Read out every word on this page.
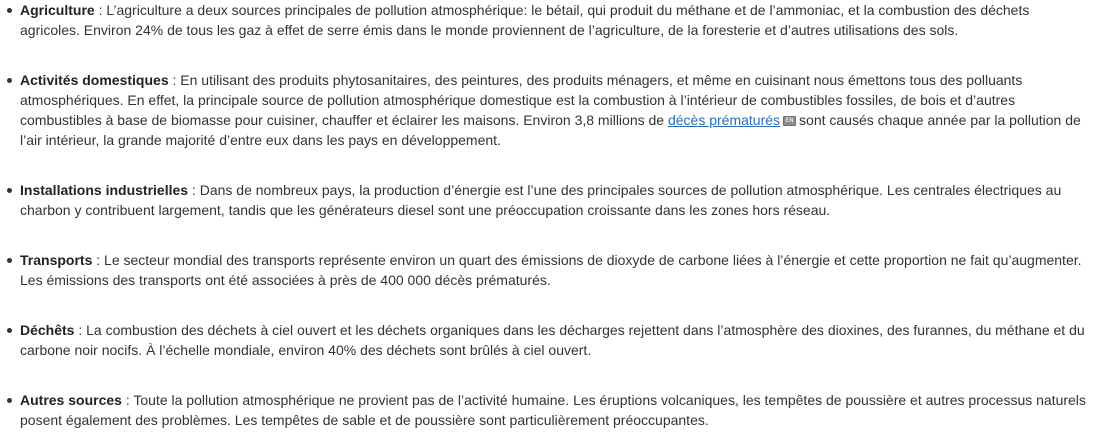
Agriculture : L’agriculture a deux sources principales de pollution atmosphérique: le bétail, qui produit du méthane et de l’ammoniac, et la combustion des déchets agricoles. Environ 24% de tous les gaz à effet de serre émis dans le monde proviennent de l’agriculture, de la foresterie et d’autres utilisations des sols.
Activités domestiques : En utilisant des produits phytosanitaires, des peintures, des produits ménagers, et même en cuisinant nous émettons tous des polluants atmosphériques. En effet, la principale source de pollution atmosphérique domestique est la combustion à l’intérieur de combustibles fossiles, de bois et d’autres combustibles à base de biomasse pour cuisiner, chauffer et éclairer les maisons. Environ 3,8 millions de décès prématurés EN sont causés chaque année par la pollution de l’air intérieur, la grande majorité d’entre eux dans les pays en développement.
Installations industrielles : Dans de nombreux pays, la production d’énergie est l’une des principales sources de pollution atmosphérique. Les centrales électriques au charbon y contribuent largement, tandis que les générateurs diesel sont une préoccupation croissante dans les zones hors réseau.
Transports : Le secteur mondial des transports représente environ un quart des émissions de dioxyde de carbone liées à l’énergie et cette proportion ne fait qu’augmenter. Les émissions des transports ont été associées à près de 400 000 décès prématurés.
Déchêts : La combustion des déchets à ciel ouvert et les déchets organiques dans les décharges rejettent dans l’atmosphère des dioxines, des furannes, du méthane et du carbone noir nocifs. À l’échelle mondiale, environ 40% des déchets sont brûlés à ciel ouvert.
Autres sources : Toute la pollution atmosphérique ne provient pas de l’activité humaine. Les éruptions volcaniques, les tempêtes de poussière et autres processus naturels posent également des problèmes. Les tempêtes de sable et de poussière sont particulièrement préoccupantes.
